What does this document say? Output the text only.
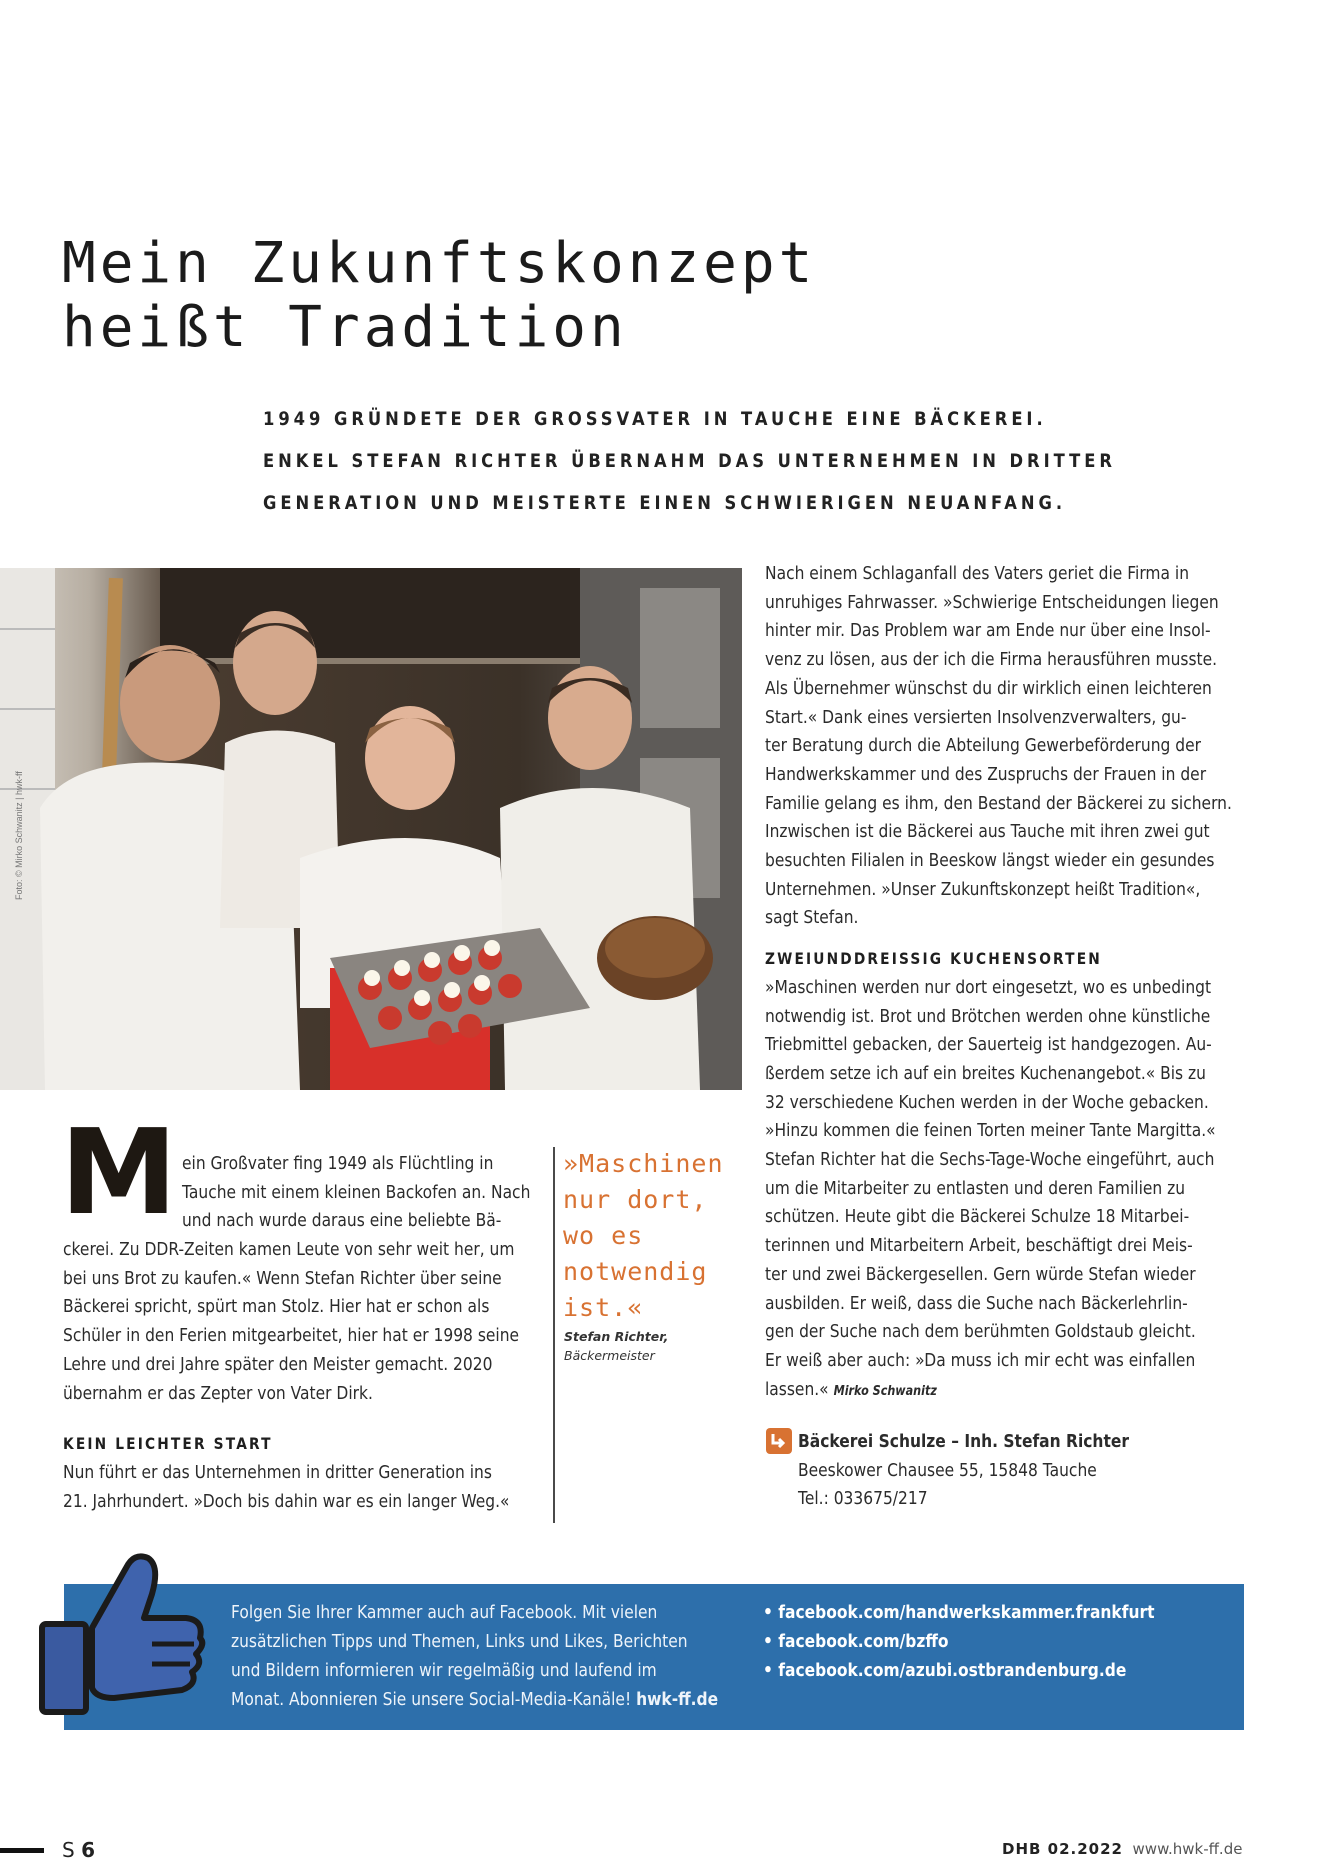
Mein Zukunftskonzept
heißt Tradition
1949 GRÜNDETE DER GROSSVATER IN TAUCHE EINE BÄCKEREI.
ENKEL STEFAN RICHTER ÜBERNAHM DAS UNTERNEHMEN IN DRITTER
GENERATION UND MEISTERTE EINEN SCHWIERIGEN NEUANFANG.
Foto: © Mirko Schwanitz | hwk-ff
Nach einem Schlaganfall des Vaters geriet die Firma in
unruhiges Fahrwasser. »Schwierige Entscheidungen liegen
hinter mir. Das Problem war am Ende nur über eine Insol-
venz zu lösen, aus der ich die Firma herausführen musste.
Als Übernehmer wünschst du dir wirklich einen leichteren
Start.« Dank eines versierten Insolvenzverwalters, gu-
ter Beratung durch die Abteilung Gewerbeförderung der
Handwerkskammer und des Zuspruchs der Frauen in der
Familie gelang es ihm, den Bestand der Bäckerei zu sichern.
Inzwischen ist die Bäckerei aus Tauche mit ihren zwei gut
besuchten Filialen in Beeskow längst wieder ein gesundes
Unternehmen. »Unser Zukunftskonzept heißt Tradition«,
sagt Stefan.
ZWEIUNDDREISSIG KUCHENSORTEN
»Maschinen werden nur dort eingesetzt, wo es unbedingt
notwendig ist. Brot und Brötchen werden ohne künstliche
Triebmittel gebacken, der Sauerteig ist handgezogen. Au-
ßerdem setze ich auf ein breites Kuchenangebot.« Bis zu
32 verschiedene Kuchen werden in der Woche gebacken.
»Hinzu kommen die feinen Torten meiner Tante Margitta.«
Stefan Richter hat die Sechs-Tage-Woche eingeführt, auch
um die Mitarbeiter zu entlasten und deren Familien zu
schützen. Heute gibt die Bäckerei Schulze 18 Mitarbei-
terinnen und Mitarbeitern Arbeit, beschäftigt drei Meis-
ter und zwei Bäckergesellen. Gern würde Stefan wieder
ausbilden. Er weiß, dass die Suche nach Bäckerlehrlin-
gen der Suche nach dem berühmten Goldstaub gleicht.
Er weiß aber auch: »Da muss ich mir echt was einfallen
lassen.« Mirko Schwanitz
Bäckerei Schulze – Inh. Stefan Richter
Beeskower Chausee 55, 15848 Tauche
Tel.: 033675/217
M ein Großvater fing 1949 als Flüchtling in
Tauche mit einem kleinen Backofen an. Nach
und nach wurde daraus eine beliebte Bä-
ckerei. Zu DDR-Zeiten kamen Leute von sehr weit her, um
bei uns Brot zu kaufen.« Wenn Stefan Richter über seine
Bäckerei spricht, spürt man Stolz. Hier hat er schon als
Schüler in den Ferien mitgearbeitet, hier hat er 1998 seine
Lehre und drei Jahre später den Meister gemacht. 2020
übernahm er das Zepter von Vater Dirk.
KEIN LEICHTER START
Nun führt er das Unternehmen in dritter Generation ins
21. Jahrhundert. »Doch bis dahin war es ein langer Weg.«
»Maschinen
nur dort,
wo es
notwendig
ist.«
Stefan Richter,
Bäckermeister
Folgen Sie Ihrer Kammer auch auf Facebook. Mit vielen
zusätzlichen Tipps und Themen, Links und Likes, Berichten
und Bildern informieren wir regelmäßig und laufend im
Monat. Abonnieren Sie unsere Social-Media-Kanäle! hwk-ff.de
• facebook.com/handwerkskammer.frankfurt
• facebook.com/bzffo
• facebook.com/azubi.ostbrandenburg.de
S 6	DHB 02.2022 www.hwk-ff.de
